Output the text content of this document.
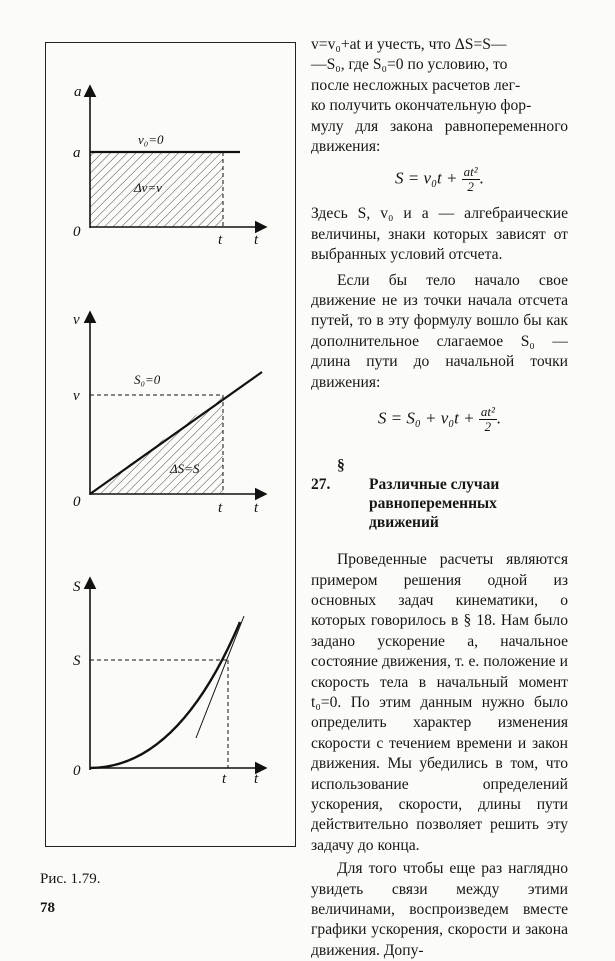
a
a
0	t t
v₀=0
Δv=v
v
v
0	t t
S₀=0
ΔS=S
S
S
0	t t
Рис. 1.79.
78

v=v₀+at и учесть, что ΔS=S—
—S₀, где S₀=0 по условию, то
после несложных расчетов лег-
ко получить окончательную фор-
мулу для закона равнопеременного движения:

$S = v_0t + \frac{\text{at²}}{2}$ .

Здесь S, v₀ и a — алгебраические величины, знаки которых зависят от выбранных условий отсчета.

Если бы тело начало свое движение не из точки начала отсчета путей, то в эту формулу вошло бы как дополнительное слагаемое S₀ — длина пути до начальной точки движения:

$S = S_0 + v_0t + \frac{\text{at²}}{2}$ .
§ 27.	Различные случаи равнопеременных движений

Проведенные расчеты являются примером решения одной из основных задач кинематики, о которых говорилось в § 18. Нам было задано ускорение a, начальное состояние движения, т. е. положение и скорость тела в начальный момент t₀=0. По этим данным нужно было определить характер изменения скорости с течением времени и закон движения. Мы убедились в том, что использование определений ускорения, скорости, длины пути действительно позволяет решить эту задачу до конца.

Для того чтобы еще раз наглядно увидеть связи между этими величинами, воспроизведем вместе графики ускорения, скорости и закона движения. Допу-
